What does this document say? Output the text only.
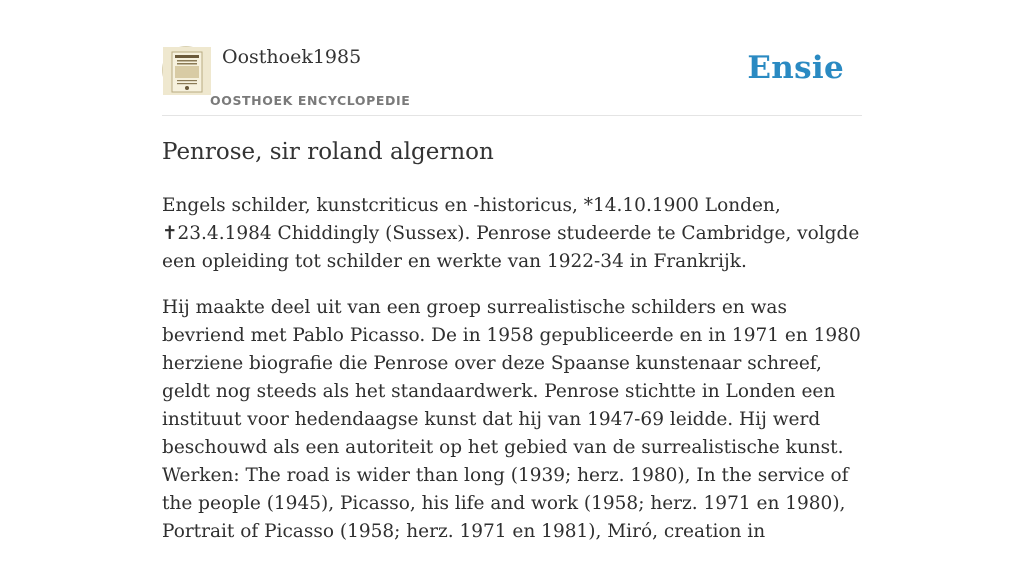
Oosthoek1985
OOSTHOEK ENCYCLOPEDIE
Ensie
Penrose, sir roland algernon

Engels schilder, kunstcriticus en -historicus, *14.10.1900 Londen, ✝23.4.1984 Chiddingly (Sussex). Penrose studeerde te Cambridge, volgde een opleiding tot schilder en werkte van 1922-34 in Frankrijk.

Hij maakte deel uit van een groep surrealistische schilders en was bevriend met Pablo Picasso. De in 1958 gepubliceerde en in 1971 en 1980 herziene biografie die Penrose over deze Spaanse kunstenaar schreef, geldt nog steeds als het standaardwerk. Penrose stichtte in Londen een instituut voor hedendaagse kunst dat hij van 1947-69 leidde. Hij werd beschouwd als een autoriteit op het gebied van de surrealistische kunst. Werken: The road is wider than long (1939; herz. 1980), In the service of the people (1945), Picasso, his life and work (1958; herz. 1971 en 1980), Portrait of Picasso (1958; herz. 1971 en 1981), Miró, creation in
